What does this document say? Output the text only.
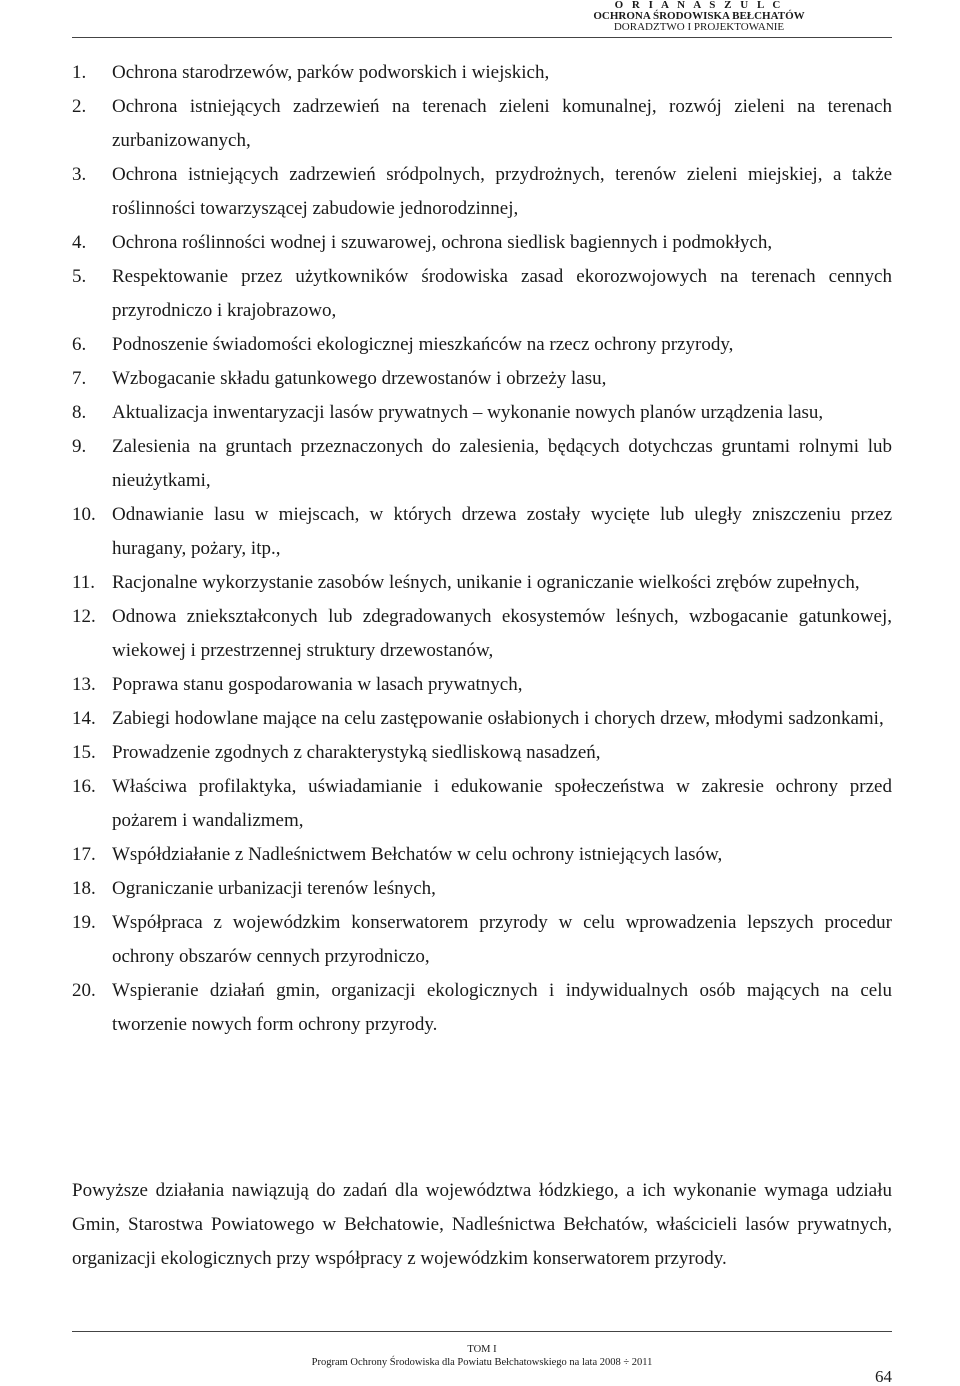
O R I A N A S Z U L C
OCHRONA ŚRODOWISKA BEŁCHATÓW
DORADZTWO I PROJEKTOWANIE
1. Ochrona starodrzewów, parków podworskich i wiejskich,
2. Ochrona istniejących zadrzewień na terenach zieleni komunalnej, rozwój zieleni na terenach zurbanizowanych,
3. Ochrona istniejących zadrzewień sródpolnych, przydrożnych, terenów zieleni miejskiej, a także roślinności towarzyszącej zabudowie jednorodzinnej,
4. Ochrona roślinności wodnej i szuwarowej, ochrona siedlisk bagiennych i podmokłych,
5. Respektowanie przez użytkowników środowiska zasad ekorozwojowych na terenach cennych przyrodniczo i krajobrazowo,
6. Podnoszenie świadomości ekologicznej mieszkańców na rzecz ochrony przyrody,
7. Wzbogacanie składu gatunkowego drzewostanów i obrzeży lasu,
8. Aktualizacja inwentaryzacji lasów prywatnych – wykonanie nowych planów urządzenia lasu,
9. Zalesienia na gruntach przeznaczonych do zalesienia, będących dotychczas gruntami rolnymi lub nieużytkami,
10. Odnawianie lasu w miejscach, w których drzewa zostały wycięte lub uległy zniszczeniu przez huragany, pożary, itp.,
11. Racjonalne wykorzystanie zasobów leśnych, unikanie i ograniczanie wielkości zrębów zupełnych,
12. Odnowa zniekształconych lub zdegradowanych ekosystemów leśnych, wzbogacanie gatunkowej, wiekowej i przestrzennej struktury drzewostanów,
13. Poprawa stanu gospodarowania w lasach prywatnych,
14. Zabiegi hodowlane mające na celu zastępowanie osłabionych i chorych drzew, młodymi sadzonkami,
15. Prowadzenie zgodnych z charakterystyką siedliskową nasadzeń,
16. Właściwa profilaktyka, uświadamianie i edukowanie społeczeństwa w zakresie ochrony przed pożarem i wandalizmem,
17. Współdziałanie z Nadleśnictwem Bełchatów w celu ochrony istniejących lasów,
18. Ograniczanie urbanizacji terenów leśnych,
19. Współpraca z wojewódzkim konserwatorem przyrody w celu wprowadzenia lepszych procedur ochrony obszarów cennych przyrodniczo,
20. Wspieranie działań gmin, organizacji ekologicznych i indywidualnych osób mających na celu tworzenie nowych form ochrony przyrody.

Powyższe działania nawiązują do zadań dla województwa łódzkiego, a ich wykonanie wymaga udziału Gmin, Starostwa Powiatowego w Bełchatowie, Nadleśnictwa Bełchatów, właścicieli lasów prywatnych, organizacji ekologicznych przy współpracy z wojewódzkim konserwatorem przyrody.

TOM I
Program Ochrony Środowiska dla Powiatu Bełchatowskiego na lata 2008 ÷ 2011
64
